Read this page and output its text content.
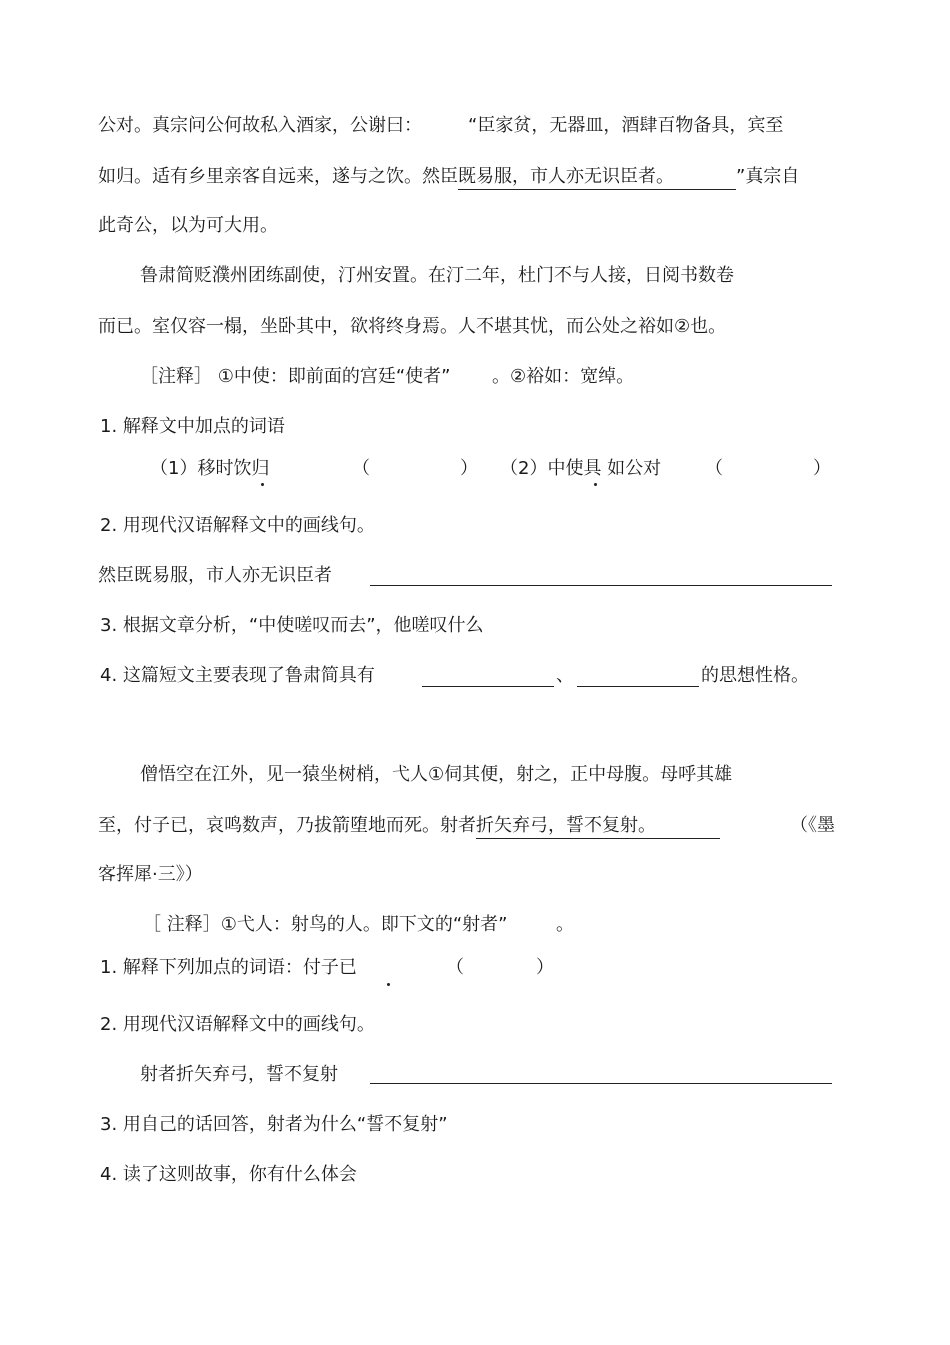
公对。真宗问公何故私入酒家，公谢曰：	“臣家贫，无器皿，酒肆百物备具，宾至
如归。适有乡里亲客自远来，遂与之饮。然臣既易服，市人亦无识臣者。	”真宗自
此奇公，以为可大用。
鲁肃简贬濮州团练副使，汀州安置。在汀二年，杜门不与人接，日阅书数卷
而已。室仅容一榻，坐卧其中，欲将终身焉。人不堪其忧，而公处之裕如②也。
［注释］ ①中使：即前面的宫廷“使者” 。②裕如：宽绰。
1. 解释文中加点的词语
（1）移时饮归	（　　　　　） （2）中使具 如公对 （　　　　　）
2. 用现代汉语解释文中的画线句。
然臣既易服，市人亦无识臣者
3. 根据文章分析，“中使嗟叹而去”，他嗟叹什么
4. 这篇短文主要表现了鲁肃简具有	、	的思想性格。
僧悟空在江外，见一猿坐树梢，弋人①伺其便，射之，正中母腹。母呼其雄
至，付子已，哀鸣数声，乃拔箭堕地而死。射者折矢弃弓，誓不复射。	（《墨
客挥犀·三》）
［ 注释］①弋人：射鸟的人。即下文的“射者”	。
1. 解释下列加点的词语：付子已	（　　　　）
2. 用现代汉语解释文中的画线句。
射者折矢弃弓，誓不复射
3. 用自己的话回答，射者为什么“誓不复射”
4. 读了这则故事，你有什么体会
